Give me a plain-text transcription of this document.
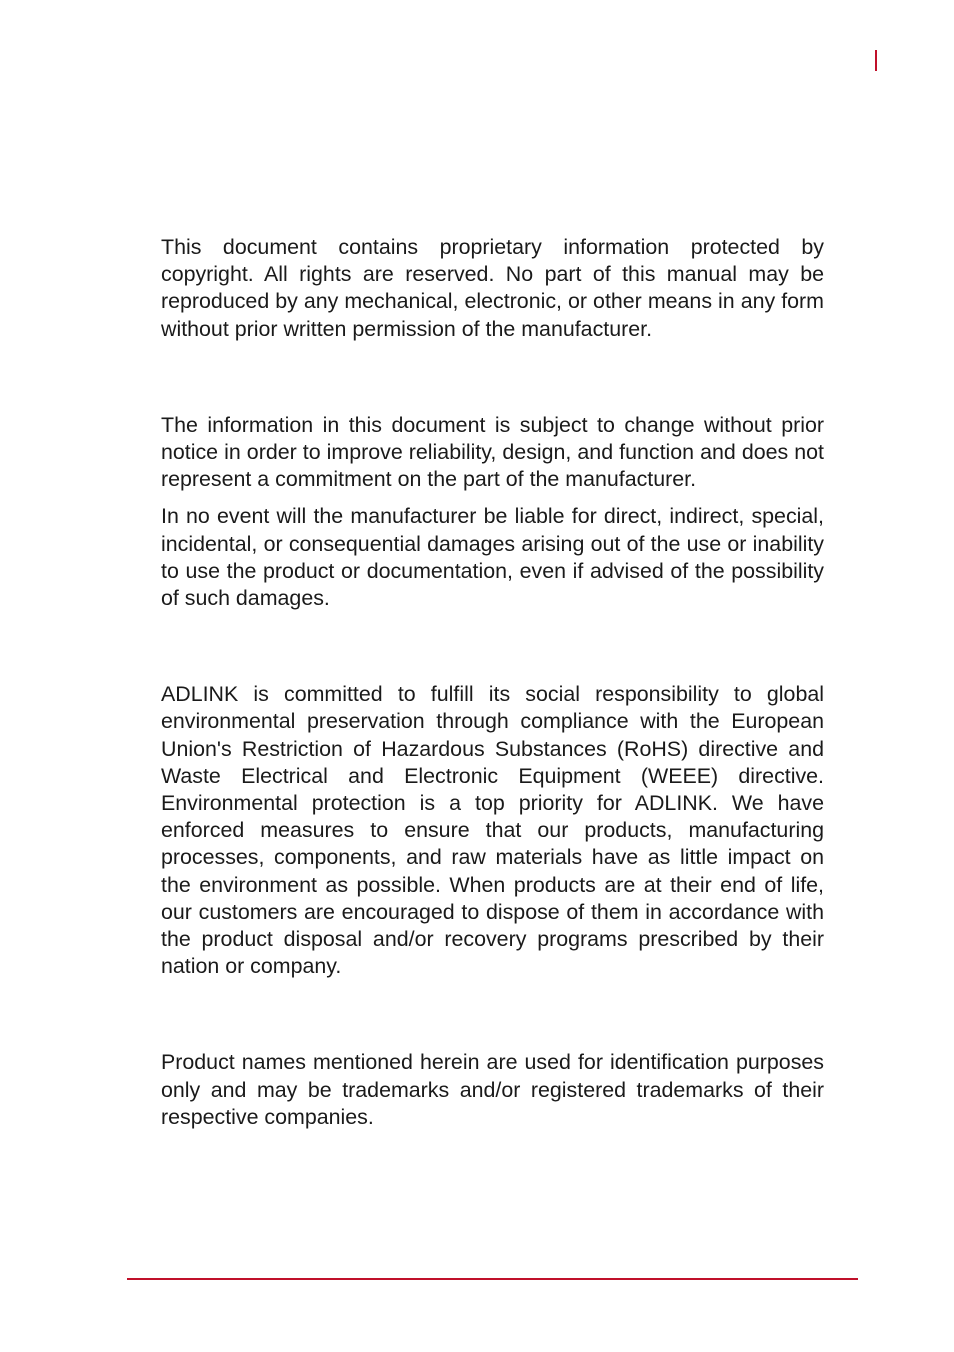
This document contains proprietary information protected by copyright. All rights are reserved. No part of this manual may be reproduced by any mechanical, electronic, or other means in any form without prior written permission of the manufacturer.

The information in this document is subject to change without prior notice in order to improve reliability, design, and function and does not represent a commitment on the part of the manufacturer.

In no event will the manufacturer be liable for direct, indirect, special, incidental, or consequential damages arising out of the use or inability to use the product or documentation, even if advised of the possibility of such damages.

ADLINK is committed to fulfill its social responsibility to global environmental preservation through compliance with the European Union's Restriction of Hazardous Substances (RoHS) directive and Waste Electrical and Electronic Equipment (WEEE) directive. Environmental protection is a top priority for ADLINK. We have enforced measures to ensure that our products, manufacturing processes, components, and raw materials have as little impact on the environment as possible. When products are at their end of life, our customers are encouraged to dispose of them in accordance with the product disposal and/or recovery programs prescribed by their nation or company.

Product names mentioned herein are used for identification purposes only and may be trademarks and/or registered trademarks of their respective companies.
